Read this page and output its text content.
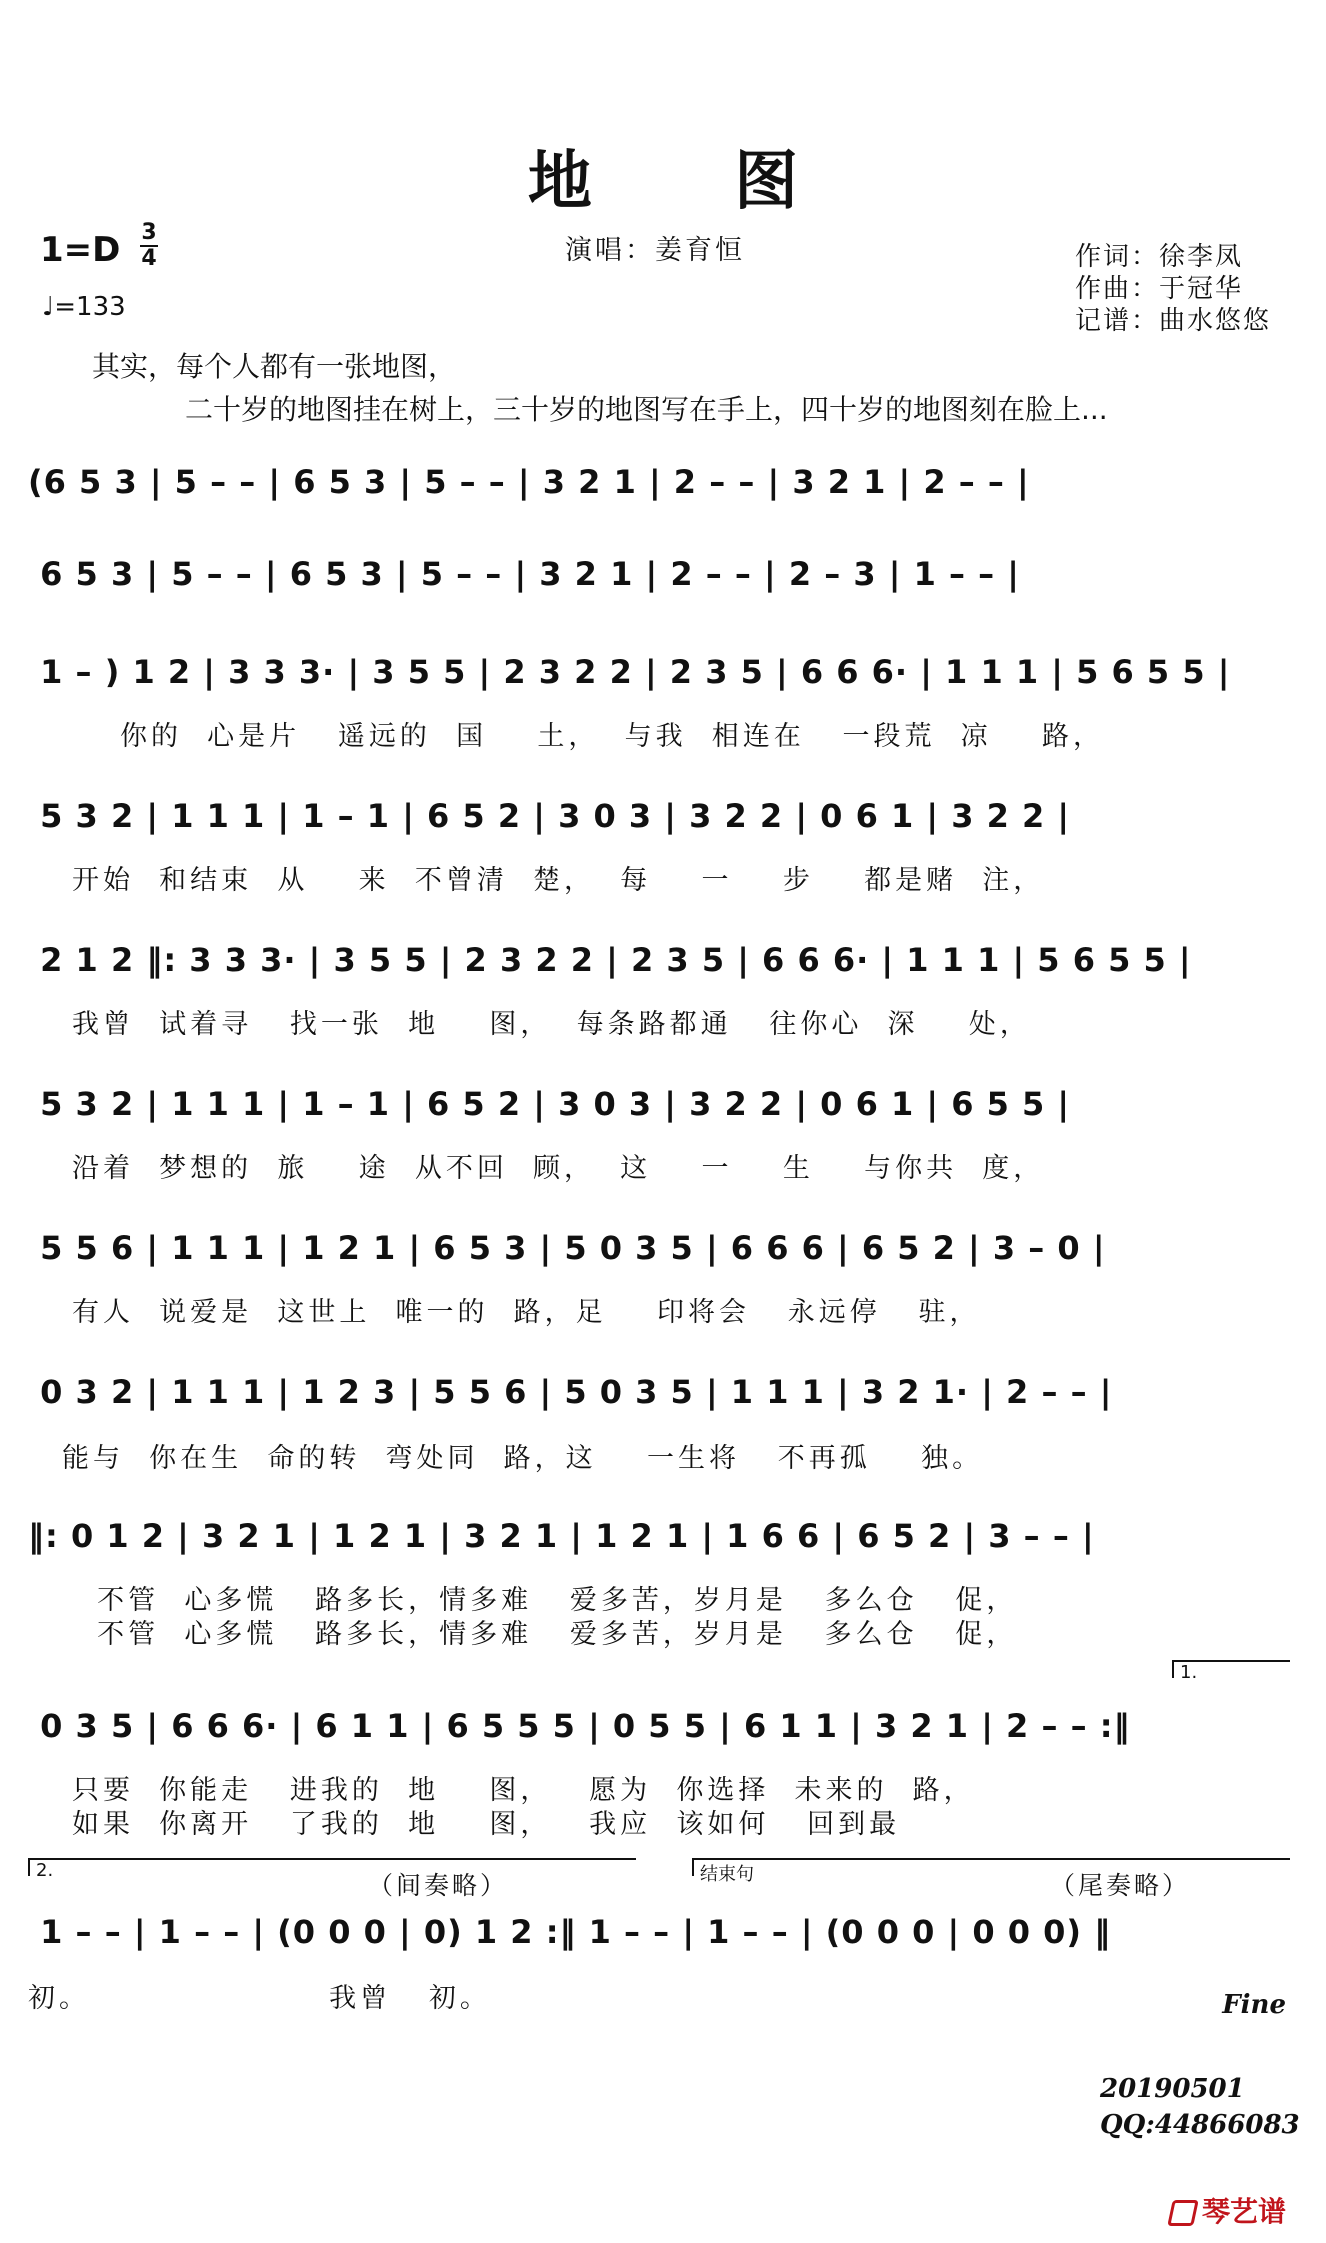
地 图
1=D 3
4
♩=133
演唱：姜育恒	作词：徐李凤
作曲：于冠华
记谱：曲水悠悠
其实，每个人都有一张地图，
二十岁的地图挂在树上，三十岁的地图写在手上，四十岁的地图刻在脸上...
(6 5 3 | 5 – – | 6 5 3 | 5 – – | 3 2 1 | 2 – – | 3 2 1 | 2 – – |
6 5 3 | 5 – – | 6 5 3 | 5 – – | 3 2 1 | 2 – – | 2 – 3 | 1 – – |
1 – ) 1 2 | 3 3 3· | 3 5 5 | 2 3 2 2 | 2 3 5 | 6 6 6· | 1 1 1 | 5 6 5 5 |
你的  心是片   遥远的  国    土，  与我  相连在   一段荒  凉    路，
5 3 2 | 1 1 1 | 1 – 1 | 6 5 2 | 3 0 3 | 3 2 2 | 0 6 1 | 3 2 2 |
开始  和结束  从    来  不曾清  楚，  每    一    步    都是赌  注，
2 1 2 ‖: 3 3 3· | 3 5 5 | 2 3 2 2 | 2 3 5 | 6 6 6· | 1 1 1 | 5 6 5 5 |
我曾  试着寻   找一张  地    图，  每条路都通   往你心  深    处，
5 3 2 | 1 1 1 | 1 – 1 | 6 5 2 | 3 0 3 | 3 2 2 | 0 6 1 | 6 5 5 |
沿着  梦想的  旅    途  从不回  顾，  这    一    生    与你共  度，
5 5 6 | 1 1 1 | 1 2 1 | 6 5 3 | 5 0 3 5 | 6 6 6 | 6 5 2 | 3 – 0 |
有人  说爱是  这世上  唯一的  路，足    印将会   永远停   驻，
0 3 2 | 1 1 1 | 1 2 3 | 5 5 6 | 5 0 3 5 | 1 1 1 | 3 2 1· | 2 – – |
能与  你在生  命的转  弯处同  路，这    一生将   不再孤    独。
‖: 0 1 2 | 3 2 1 | 1 2 1 | 3 2 1 | 1 2 1 | 1 6 6 | 6 5 2 | 3 – – |
不管  心多慌   路多长，情多难   爱多苦，岁月是   多么仓   促，
不管  心多慌   路多长，情多难   爱多苦，岁月是   多么仓   促，
1.
0 3 5 | 6 6 6· | 6 1 1 | 6 5 5 5 | 0 5 5 | 6 1 1 | 3 2 1 | 2 – – :‖
只要  你能走   进我的  地    图，   愿为  你选择  未来的  路，
如果  你离开   了我的  地    图，   我应  该如何   回到最
2.	结束句
（间奏略）	（尾奏略）
1 – – | 1 – – | (0 0 0 | 0) 1 2 :‖ 1 – – | 1 – – | (0 0 0 | 0 0 0) ‖
初。                   我曾   初。	Fine
20190501
QQ:44866083
琴艺谱
